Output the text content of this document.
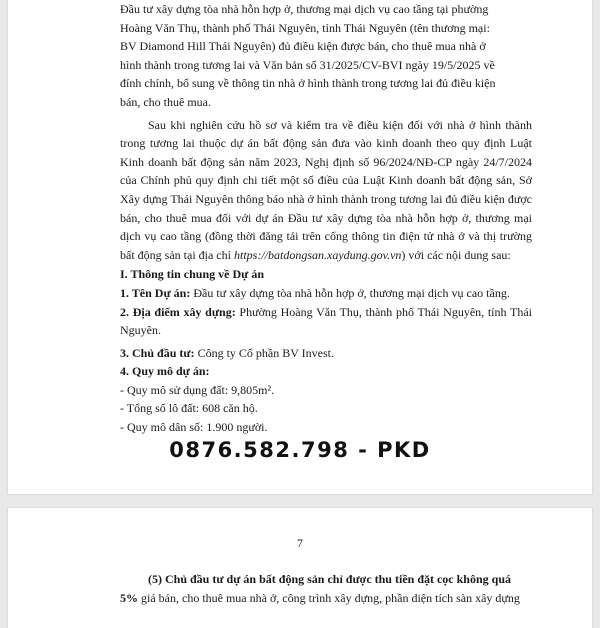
Đầu tư xây dựng tòa nhà hỗn hợp ở, thương mại dịch vụ cao tầng tại phường

Hoàng Văn Thụ, thành phố Thái Nguyên, tỉnh Thái Nguyên (tên thương mại:

BV Diamond Hill Thái Nguyên) đủ điều kiện được bán, cho thuê mua nhà ở

hình thành trong tương lai và Văn bản số 31/2025/CV-BVI ngày 19/5/2025 về

đính chính, bổ sung về thông tin nhà ở hình thành trong tương lai đủ điều kiện

bán, cho thuê mua.

Sau khi nghiên cứu hồ sơ và kiểm tra về điều kiện đối với nhà ở hình thành trong tương lai thuộc dự án bất động sản đưa vào kinh doanh theo quy định Luật Kinh doanh bất động sản năm 2023, Nghị định số 96/2024/NĐ-CP ngày 24/7/2024 của Chính phủ quy định chi tiết một số điều của Luật Kinh doanh bất động sản, Sở Xây dựng Thái Nguyên thông báo nhà ở hình thành trong tương lai đủ điều kiện được bán, cho thuê mua đối với dự án Đầu tư xây dựng tòa nhà hỗn hợp ở, thương mại dịch vụ cao tầng (đồng thời đăng tải trên cổng thông tin điện tử nhà ở và thị trường bất động sản tại địa chỉ https://batdongsan.xaydung.gov.vn) với các nội dung sau:

I. Thông tin chung về Dự án

1. Tên Dự án: Đầu tư xây dựng tòa nhà hỗn hợp ở, thương mại dịch vụ cao tầng.

2. Địa điểm xây dựng: Phường Hoàng Văn Thụ, thành phố Thái Nguyên, tỉnh Thái Nguyên.

3. Chủ đầu tư: Công ty Cổ phần BV Invest.

4. Quy mô dự án:

- Quy mô sử dụng đất: 9,805m².

- Tổng số lô đất: 608 căn hộ.

- Quy mô dân số: 1.900 người.

0876.582.798 - PKD
7

(5) Chủ đầu tư dự án bất động sản chỉ được thu tiền đặt cọc không quá

5% giá bán, cho thuê mua nhà ở, công trình xây dựng, phần diện tích sàn xây dựng
